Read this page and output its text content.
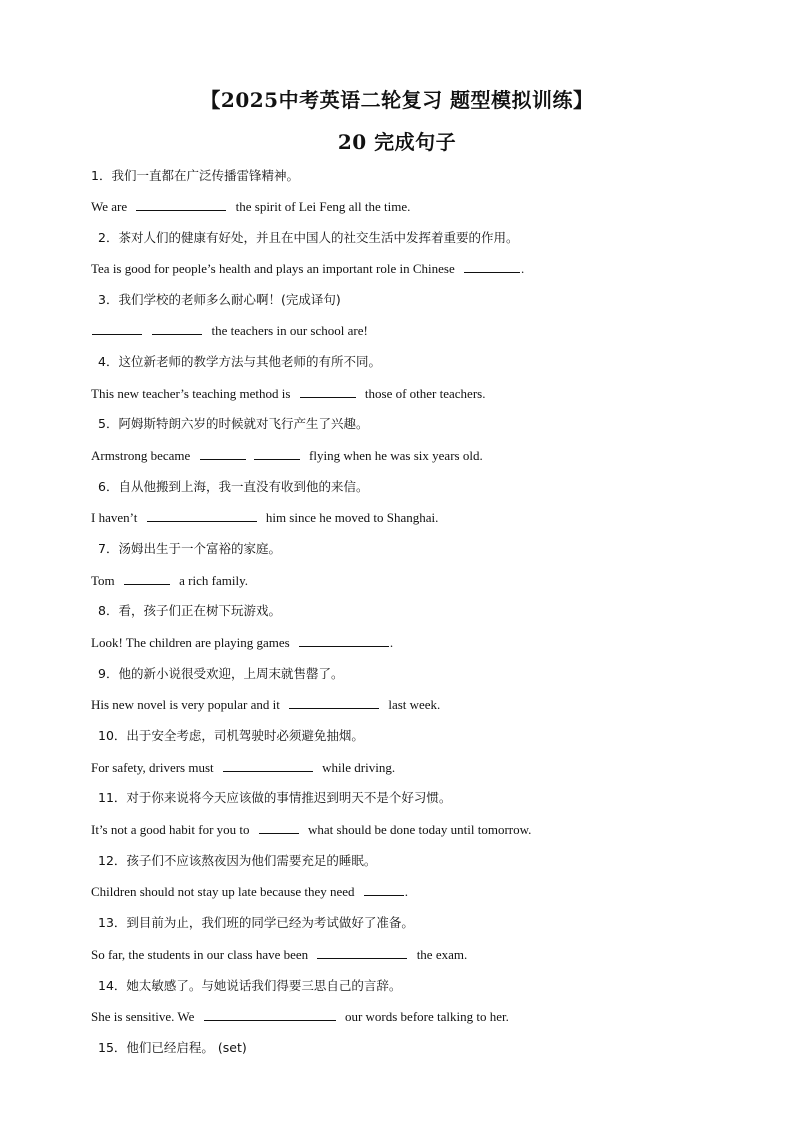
【2025中考英语二轮复习 题型模拟训练】
20 完成句子
1．我们一直都在广泛传播雷锋精神。
We are	the spirit of Lei Feng all the time.
2．茶对人们的健康有好处，并且在中国人的社交生活中发挥着重要的作用。
Tea is good for people’s health and plays an important role in Chinese	.
3．我们学校的老师多么耐心啊！(完成译句)
the teachers in our school are!
4．这位新老师的教学方法与其他老师的有所不同。
This new teacher’s teaching method is	those of other teachers.
5．阿姆斯特朗六岁的时候就对飞行产生了兴趣。
Armstrong became	flying when he was six years old.
6．自从他搬到上海，我一直没有收到他的来信。
I haven’t	him since he moved to Shanghai.
7．汤姆出生于一个富裕的家庭。
Tom	a rich family.
8．看，孩子们正在树下玩游戏。
Look! The children are playing games	.
9．他的新小说很受欢迎，上周末就售罄了。
His new novel is very popular and it	last week.
10．出于安全考虑，司机驾驶时必须避免抽烟。
For safety, drivers must	while driving.
11．对于你来说将今天应该做的事情推迟到明天不是个好习惯。
It’s not a good habit for you to	what should be done today until tomorrow.
12．孩子们不应该熬夜因为他们需要充足的睡眠。
Children should not stay up late because they need	.
13．到目前为止，我们班的同学已经为考试做好了准备。
So far, the students in our class have been	the exam.
14．她太敏感了。与她说话我们得要三思自己的言辞。
She is sensitive. We	our words before talking to her.
15．他们已经启程。 (set)
